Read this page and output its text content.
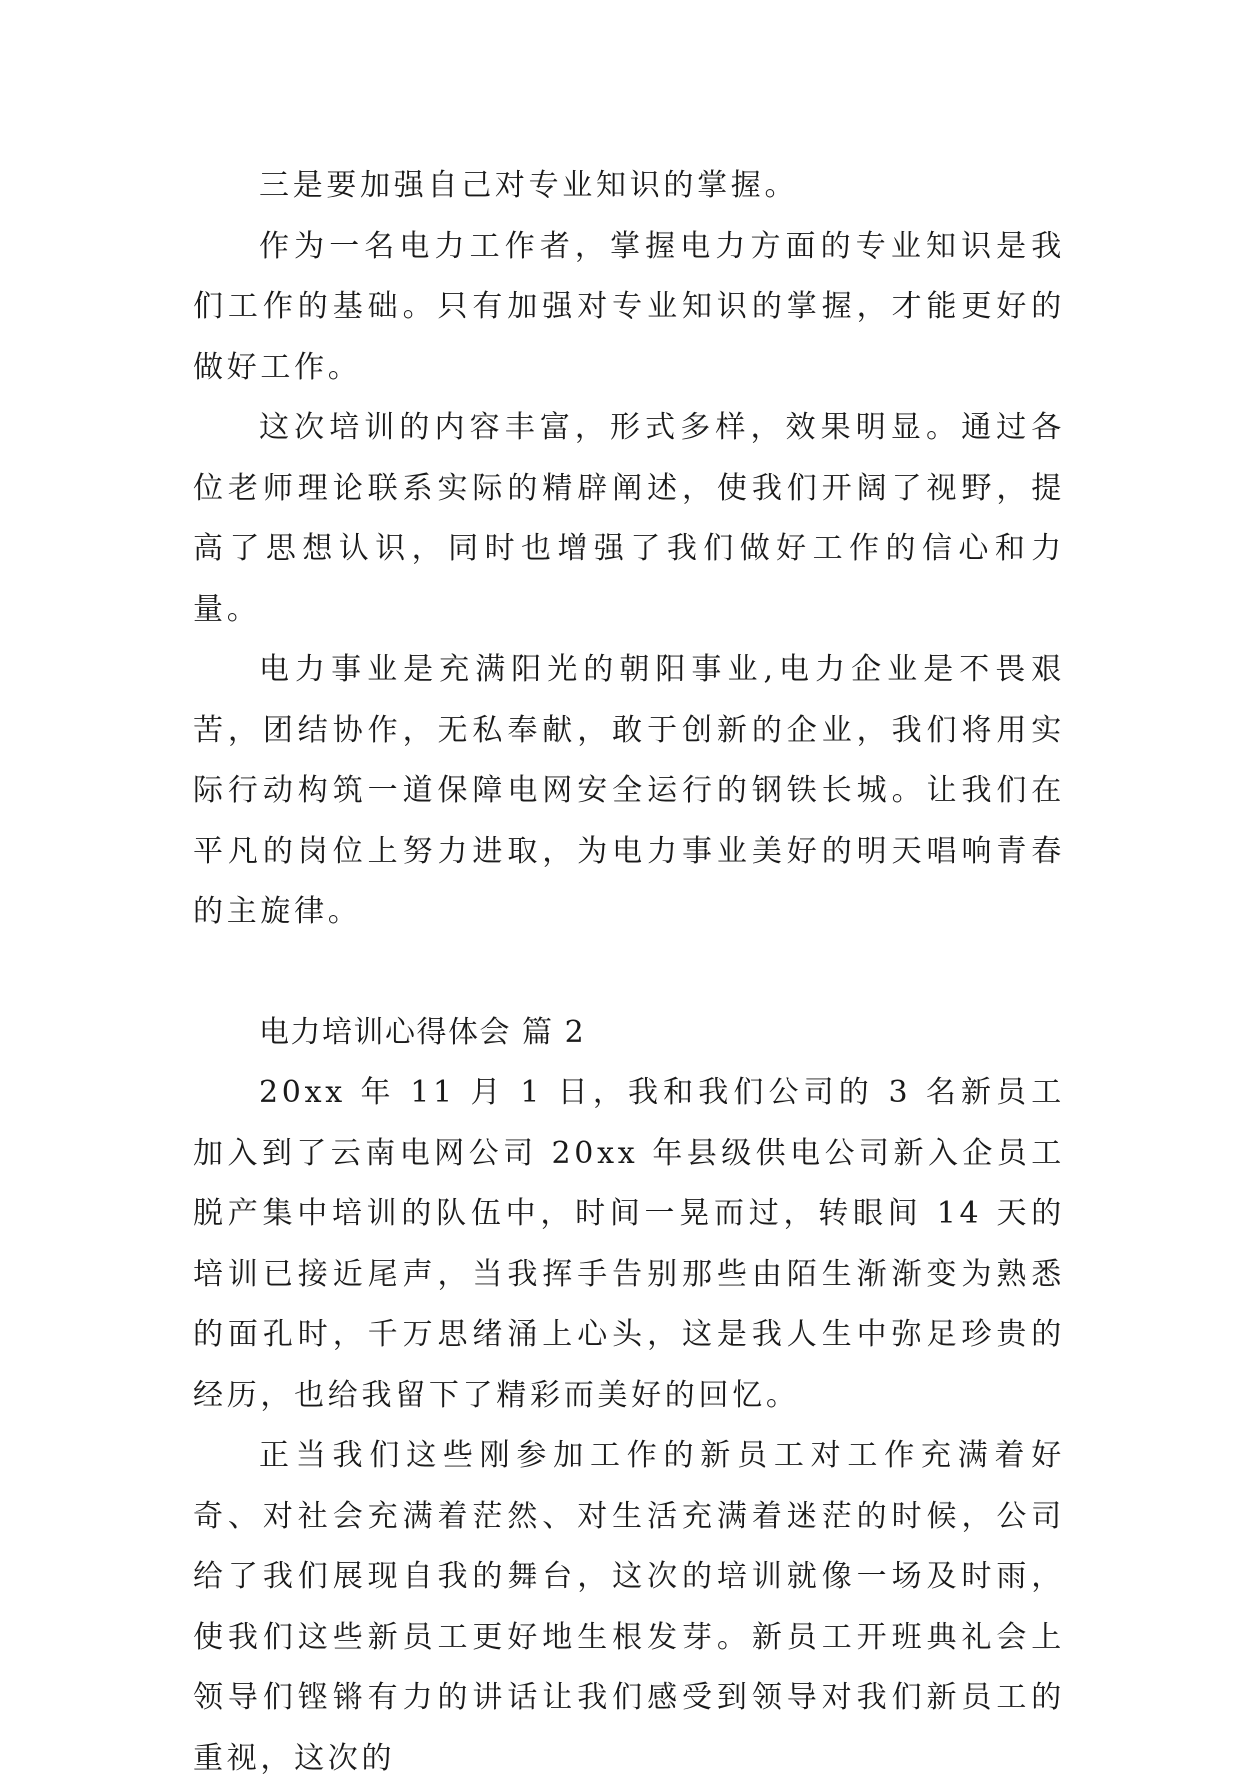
三是要加强自己对专业知识的掌握。

作为一名电力工作者，掌握电力方面的专业知识是我们工作的基础。只有加强对专业知识的掌握，才能更好的做好工作。

这次培训的内容丰富，形式多样，效果明显。通过各位老师理论联系实际的精辟阐述，使我们开阔了视野，提高了思想认识，同时也增强了我们做好工作的信心和力量。

电力事业是充满阳光的朝阳事业,电力企业是不畏艰苦，团结协作，无私奉献，敢于创新的企业，我们将用实际行动构筑一道保障电网安全运行的钢铁长城。让我们在平凡的岗位上努力进取，为电力事业美好的明天唱响青春的主旋律。

电力培训心得体会 篇 2

20xx 年 11 月 1 日，我和我们公司的 3 名新员工加入到了云南电网公司 20xx 年县级供电公司新入企员工脱产集中培训的队伍中，时间一晃而过，转眼间 14 天的培训已接近尾声，当我挥手告别那些由陌生渐渐变为熟悉的面孔时，千万思绪涌上心头，这是我人生中弥足珍贵的经历，也给我留下了精彩而美好的回忆。

正当我们这些刚参加工作的新员工对工作充满着好奇、对社会充满着茫然、对生活充满着迷茫的时候，公司给了我们展现自我的舞台，这次的培训就像一场及时雨，使我们这些新员工更好地生根发芽。新员工开班典礼会上领导们铿锵有力的讲话让我们感受到领导对我们新员工的重视，这次的
